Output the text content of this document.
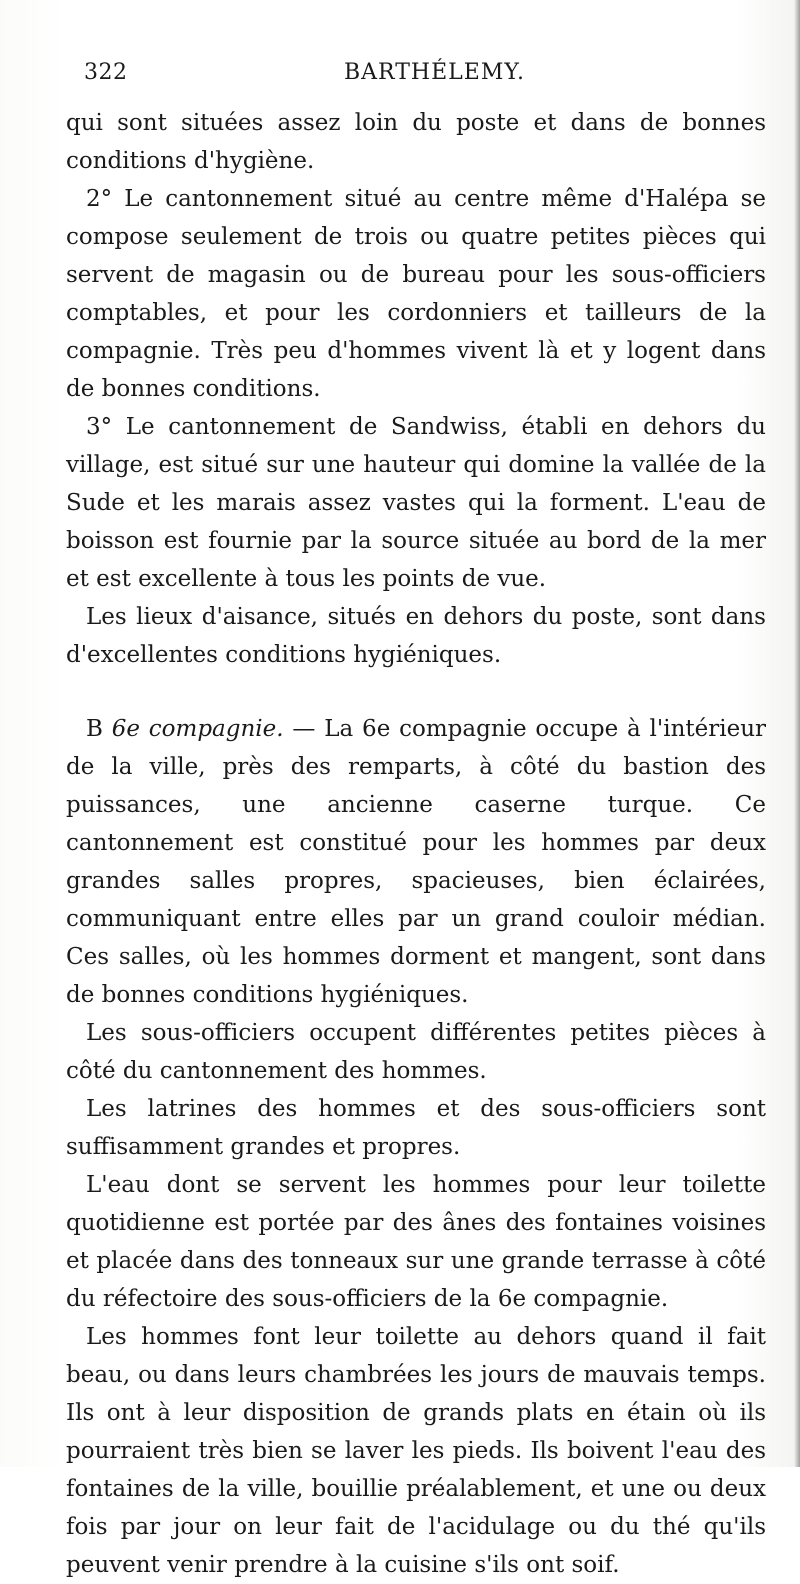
322	BARTHÉLEMY.

qui sont situées assez loin du poste et dans de bonnes conditions d'hygiène.

2° Le cantonnement situé au centre même d'Halépa se compose seulement de trois ou quatre petites pièces qui servent de magasin ou de bureau pour les sous-officiers comptables, et pour les cordonniers et tailleurs de la compagnie. Très peu d'hommes vivent là et y logent dans de bonnes conditions.

3° Le cantonnement de Sandwiss, établi en dehors du village, est situé sur une hauteur qui domine la vallée de la Sude et les marais assez vastes qui la forment. L'eau de boisson est fournie par la source située au bord de la mer et est excellente à tous les points de vue.

Les lieux d'aisance, situés en dehors du poste, sont dans d'excellentes conditions hygiéniques.

B 6e compagnie. — La 6e compagnie occupe à l'intérieur de la ville, près des remparts, à côté du bastion des puissances, une ancienne caserne turque. Ce cantonnement est constitué pour les hommes par deux grandes salles propres, spacieuses, bien éclairées, communiquant entre elles par un grand couloir médian. Ces salles, où les hommes dorment et mangent, sont dans de bonnes conditions hygiéniques.

Les sous-officiers occupent différentes petites pièces à côté du cantonnement des hommes.

Les latrines des hommes et des sous-officiers sont suffisamment grandes et propres.

L'eau dont se servent les hommes pour leur toilette quotidienne est portée par des ânes des fontaines voisines et placée dans des tonneaux sur une grande terrasse à côté du réfectoire des sous-officiers de la 6e compagnie.

Les hommes font leur toilette au dehors quand il fait beau, ou dans leurs chambrées les jours de mauvais temps. Ils ont à leur disposition de grands plats en étain où ils pourraient très bien se laver les pieds. Ils boivent l'eau des fontaines de la ville, bouillie préalablement, et une ou deux fois par jour on leur fait de l'acidulage ou du thé qu'ils peuvent venir prendre à la cuisine s'ils ont soif.
